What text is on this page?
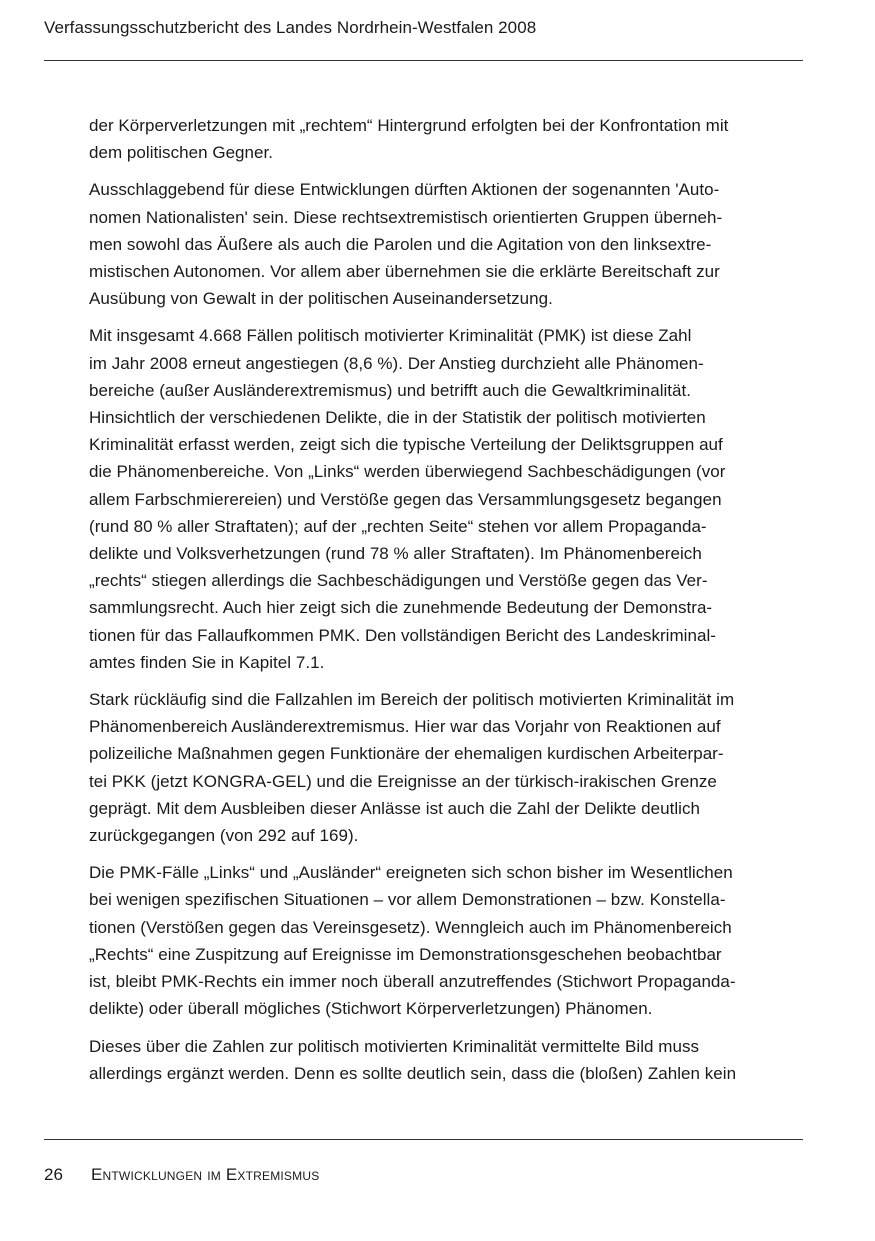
Verfassungsschutzbericht des Landes Nordrhein-Westfalen 2008
der Körperverletzungen mit „rechtem“ Hintergrund erfolgten bei der Konfrontation mit
dem politischen Gegner.
Ausschlaggebend für diese Entwicklungen dürften Aktionen der sogenannten 'Auto-
nomen Nationalisten' sein. Diese rechtsextremistisch orientierten Gruppen überneh-
men sowohl das Äußere als auch die Parolen und die Agitation von den linksextre-
mistischen Autonomen. Vor allem aber übernehmen sie die erklärte Bereitschaft zur
Ausübung von Gewalt in der politischen Auseinandersetzung.
Mit insgesamt 4.668 Fällen politisch motivierter Kriminalität (PMK) ist diese Zahl
im Jahr 2008 erneut angestiegen (8,6 %). Der Anstieg durchzieht alle Phänomen-
bereiche (außer Ausländerextremismus) und betrifft auch die Gewaltkriminalität.
Hinsichtlich der verschiedenen Delikte, die in der Statistik der politisch motivierten
Kriminalität erfasst werden, zeigt sich die typische Verteilung der Deliktsgruppen auf
die Phänomenbereiche. Von „Links“ werden überwiegend Sachbeschädigungen (vor
allem Farbschmierereien) und Verstöße gegen das Versammlungsgesetz begangen
(rund 80 % aller Straftaten); auf der „rechten Seite“ stehen vor allem Propaganda-
delikte und Volksverhetzungen (rund 78 % aller Straftaten). Im Phänomenbereich
„rechts“ stiegen allerdings die Sachbeschädigungen und Verstöße gegen das Ver-
sammlungsrecht. Auch hier zeigt sich die zunehmende Bedeutung der Demonstra-
tionen für das Fallaufkommen PMK. Den vollständigen Bericht des Landeskriminal-
amtes finden Sie in Kapitel 7.1.
Stark rückläufig sind die Fallzahlen im Bereich der politisch motivierten Kriminalität im
Phänomenbereich Ausländerextremismus. Hier war das Vorjahr von Reaktionen auf
polizeiliche Maßnahmen gegen Funktionäre der ehemaligen kurdischen Arbeiterpar-
tei PKK (jetzt KONGRA-GEL) und die Ereignisse an der türkisch-irakischen Grenze
geprägt. Mit dem Ausbleiben dieser Anlässe ist auch die Zahl der Delikte deutlich
zurückgegangen (von 292 auf 169).
Die PMK-Fälle „Links“ und „Ausländer“ ereigneten sich schon bisher im Wesentlichen
bei wenigen spezifischen Situationen – vor allem Demonstrationen – bzw. Konstella-
tionen (Verstößen gegen das Vereinsgesetz). Wenngleich auch im Phänomenbereich
„Rechts“ eine Zuspitzung auf Ereignisse im Demonstrationsgeschehen beobachtbar
ist, bleibt PMK-Rechts ein immer noch überall anzutreffendes (Stichwort Propaganda-
delikte) oder überall mögliches (Stichwort Körperverletzungen) Phänomen.
Dieses über die Zahlen zur politisch motivierten Kriminalität vermittelte Bild muss
allerdings ergänzt werden. Denn es sollte deutlich sein, dass die (bloßen) Zahlen kein
26 Entwicklungen im Extremismus
